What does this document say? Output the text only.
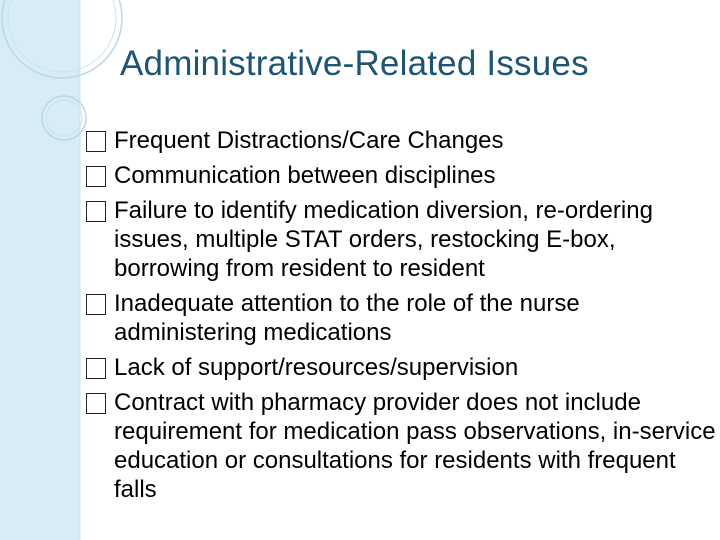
Administrative-Related Issues
Frequent Distractions/Care Changes
Communication between disciplines
Failure to identify medication diversion, re-ordering issues, multiple STAT orders, restocking E-box, borrowing from resident to resident
Inadequate attention to the role of the nurse administering medications
Lack of support/resources/supervision
Contract with pharmacy provider does not include requirement for medication pass observations, in-service education or consultations for residents with frequent falls
